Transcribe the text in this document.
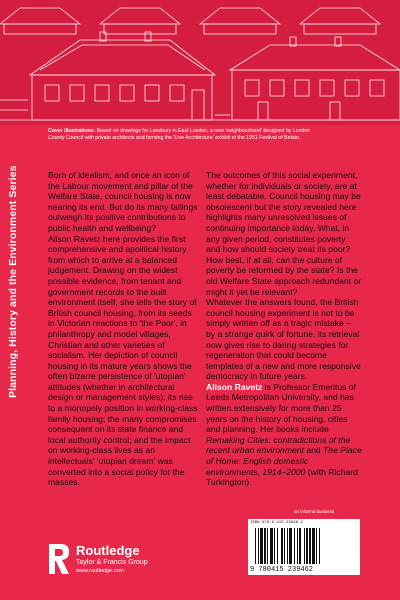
Cover illustrations: Based on drawings for Lansbury in East London, a new 'neighbourhood' designed by London County Council with private architects and forming the 'Live Architecture' exhibit of the 1951 Festival of Britain.
Planning, History and the Environment Series	Born of idealism, and once an icon of the Labour movement and pillar of the Welfare State, council housing is now nearing its end. But do its many failings outweigh its positive contributions to public health and wellbeing?

Alison Ravetz here provides the first comprehensive and apolitical history from which to arrive at a balanced judgement. Drawing on the widest possible evidence, from tenant and government records to the built environment itself, she tells the story of British council housing, from its seeds in Victorian reactions to 'the Poor', in philanthropy and model villages, Christian and other varieties of socialism. Her depiction of council housing in its mature years shows the often bizarre persistence of 'utopian' attitudes (whether in architectural design or management styles); its rise to a monopoly position in working-class family housing; the many compromises consequent on its state finance and local authority control; and the impact on working-class lives as an intellectuals' 'utopian dream' was converted into a social policy for the masses.

The outcomes of this social experiment, whether for individuals or society, are at least debatable. Council housing may be obsolescent but the story revealed here highlights many unresolved issues of continuing importance today. What, in any given period, constitutes poverty and how should society treat its poor? How best, if at all, can the culture of poverty be reformed by the state? Is the old Welfare State approach redundant or might it yet be relevant?

Whatever the answers found, the British council housing experiment is not to be simply written off as a tragic mistake – by a strange quirk of fortune, its retrieval now gives rise to daring strategies for regeneration that could become templates of a new and more responsive democracy in future years.

Alison Ravetz is Professor Emeritus of Leeds Metropolitan University, and has written extensively for more than 25 years on the history of housing, cities and planning. Her books include Remaking Cities: contradictions of the recent urban environment and The Place of Home: English domestic environments, 1914–2000 (with Richard Turkington).

an informa business
ISBN 978-0-415-23946-2
9 780415 239462
Routledge
Taylor & Francis Group
www.routledge.com
